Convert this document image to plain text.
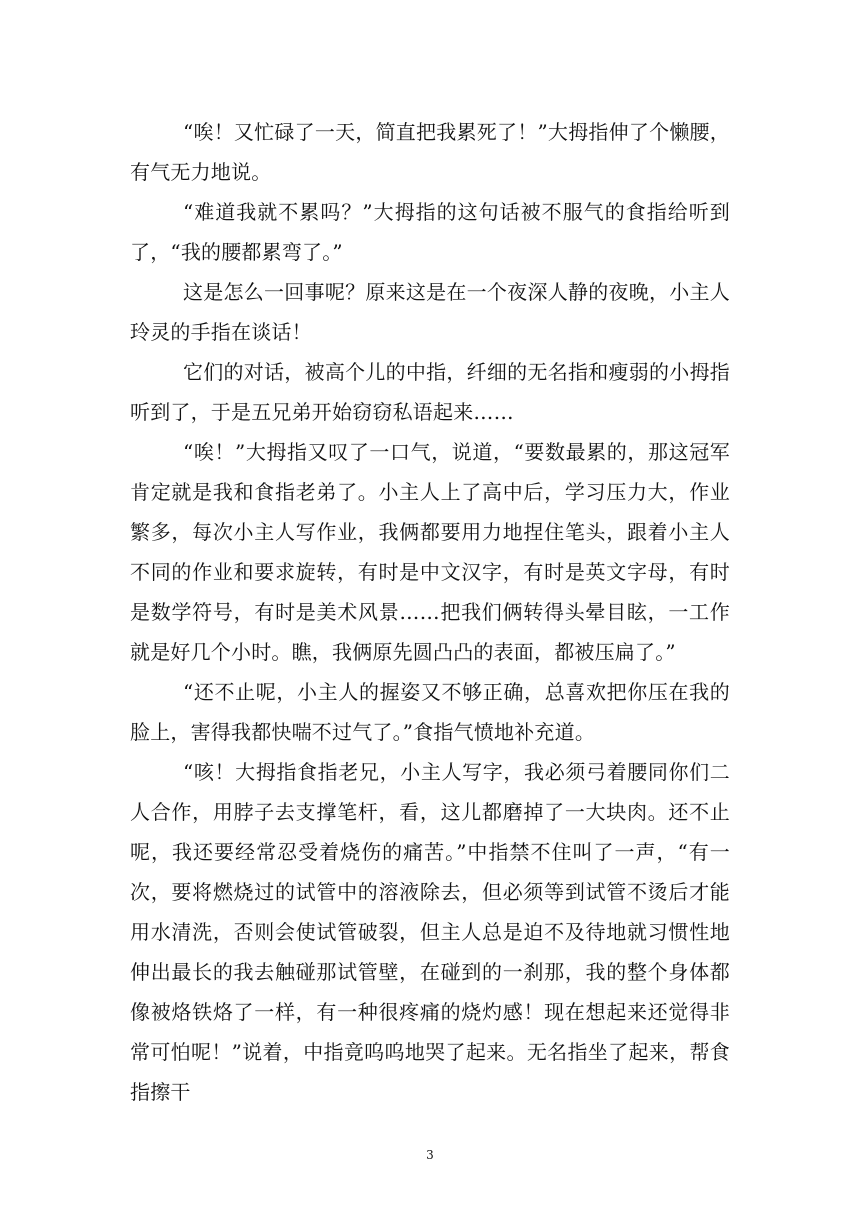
“唉！又忙碌了一天，简直把我累死了！”大拇指伸了个懒腰，有气无力地说。

“难道我就不累吗？”大拇指的这句话被不服气的食指给听到了，“我的腰都累弯了。”

这是怎么一回事呢？原来这是在一个夜深人静的夜晚，小主人玲灵的手指在谈话！

它们的对话，被高个儿的中指，纤细的无名指和瘦弱的小拇指听到了，于是五兄弟开始窃窃私语起来……

“唉！”大拇指又叹了一口气，说道，“要数最累的，那这冠军肯定就是我和食指老弟了。小主人上了高中后，学习压力大，作业繁多，每次小主人写作业，我俩都要用力地捏住笔头，跟着小主人不同的作业和要求旋转，有时是中文汉字，有时是英文字母，有时是数学符号，有时是美术风景……把我们俩转得头晕目眩，一工作就是好几个小时。瞧，我俩原先圆凸凸的表面，都被压扁了。”

“还不止呢，小主人的握姿又不够正确，总喜欢把你压在我的脸上，害得我都快喘不过气了。”食指气愤地补充道。

“咳！大拇指食指老兄，小主人写字，我必须弓着腰同你们二人合作，用脖子去支撑笔杆，看，这儿都磨掉了一大块肉。还不止呢，我还要经常忍受着烧伤的痛苦。”中指禁不住叫了一声，“有一次，要将燃烧过的试管中的溶液除去，但必须等到试管不烫后才能用水清洗，否则会使试管破裂，但主人总是迫不及待地就习惯性地伸出最长的我去触碰那试管壁，在碰到的一刹那，我的整个身体都像被烙铁烙了一样，有一种很疼痛的烧灼感！现在想起来还觉得非常可怕呢！”说着，中指竟呜呜地哭了起来。无名指坐了起来，帮食指擦干

3
